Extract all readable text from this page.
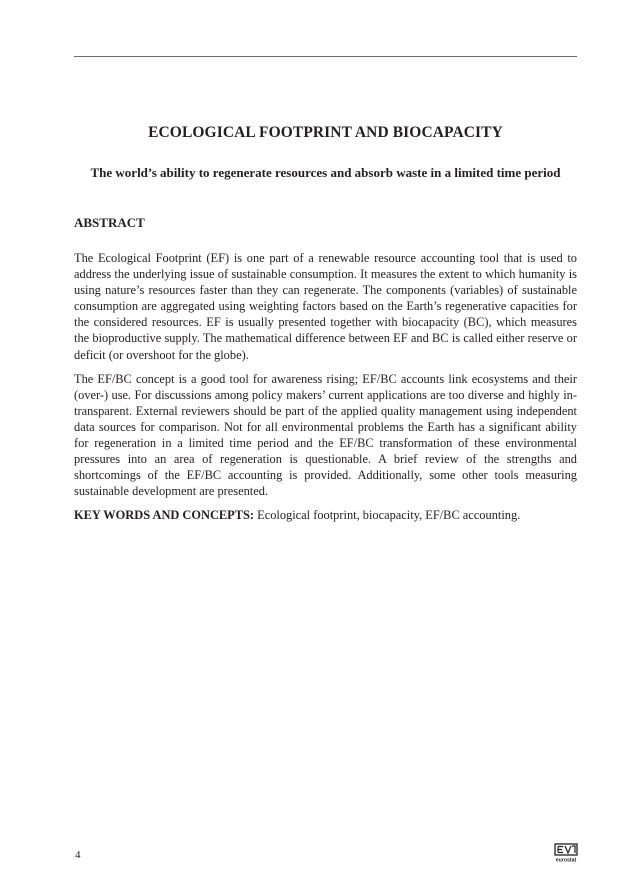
ECOLOGICAL FOOTPRINT AND BIOCAPACITY
The world’s ability to regenerate resources and absorb waste in a limited time period
ABSTRACT

The Ecological Footprint (EF) is one part of a renewable resource accounting tool that is used to address the underlying issue of sustainable consumption. It measures the extent to which humanity is using nature’s resources faster than they can regenerate. The components (variables) of sustainable consumption are aggregated using weighting factors based on the Earth’s regenerative capacities for the considered resources. EF is usually presented together with biocapacity (BC), which measures the bioproductive supply. The mathematical difference between EF and BC is called either reserve or deficit (or overshoot for the globe).

The EF/BC concept is a good tool for awareness rising; EF/BC accounts link ecosystems and their (over-) use. For discussions among policy makers’ current applications are too diverse and highly in-transparent. External reviewers should be part of the applied quality management using independent data sources for comparison. Not for all environmental problems the Earth has a significant ability for regeneration in a limited time period and the EF/BC transformation of these environmental pressures into an area of regeneration is questionable. A brief review of the strengths and shortcomings of the EF/BC accounting is provided. Additionally, some other tools measuring sustainable development are presented.

KEY WORDS AND CONCEPTS: Ecological footprint, biocapacity, EF/BC accounting.

4	eurostat
